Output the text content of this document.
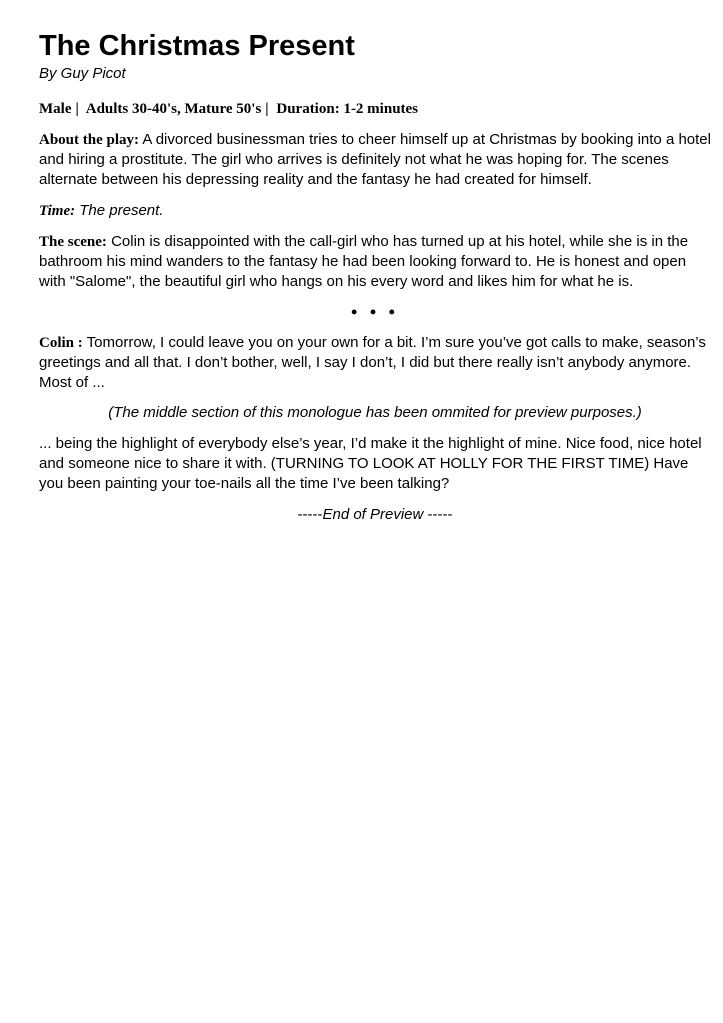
The Christmas Present
By Guy Picot
Male | Adults 30-40's, Mature 50's | Duration: 1-2 minutes

About the play: A divorced businessman tries to cheer himself up at Christmas by booking into a hotel and hiring a prostitute. The girl who arrives is definitely not what he was hoping for. The scenes alternate between his depressing reality and the fantasy he had created for himself.

Time: The present.

The scene: Colin is disappointed with the call-girl who has turned up at his hotel, while she is in the bathroom his mind wanders to the fantasy he had been looking forward to. He is honest and open with "Salome", the beautiful girl who hangs on his every word and likes him for what he is.

• • •

Colin : Tomorrow, I could leave you on your own for a bit. I’m sure you’ve got calls to make, season’s greetings and all that. I don’t bother, well, I say I don’t, I did but there really isn’t anybody anymore. Most of ...

(The middle section of this monologue has been ommited for preview purposes.)

... being the highlight of everybody else’s year, I’d make it the highlight of mine. Nice food, nice hotel and someone nice to share it with. (TURNING TO LOOK AT HOLLY FOR THE FIRST TIME) Have you been painting your toe-nails all the time I’ve been talking?

-----End of Preview -----
